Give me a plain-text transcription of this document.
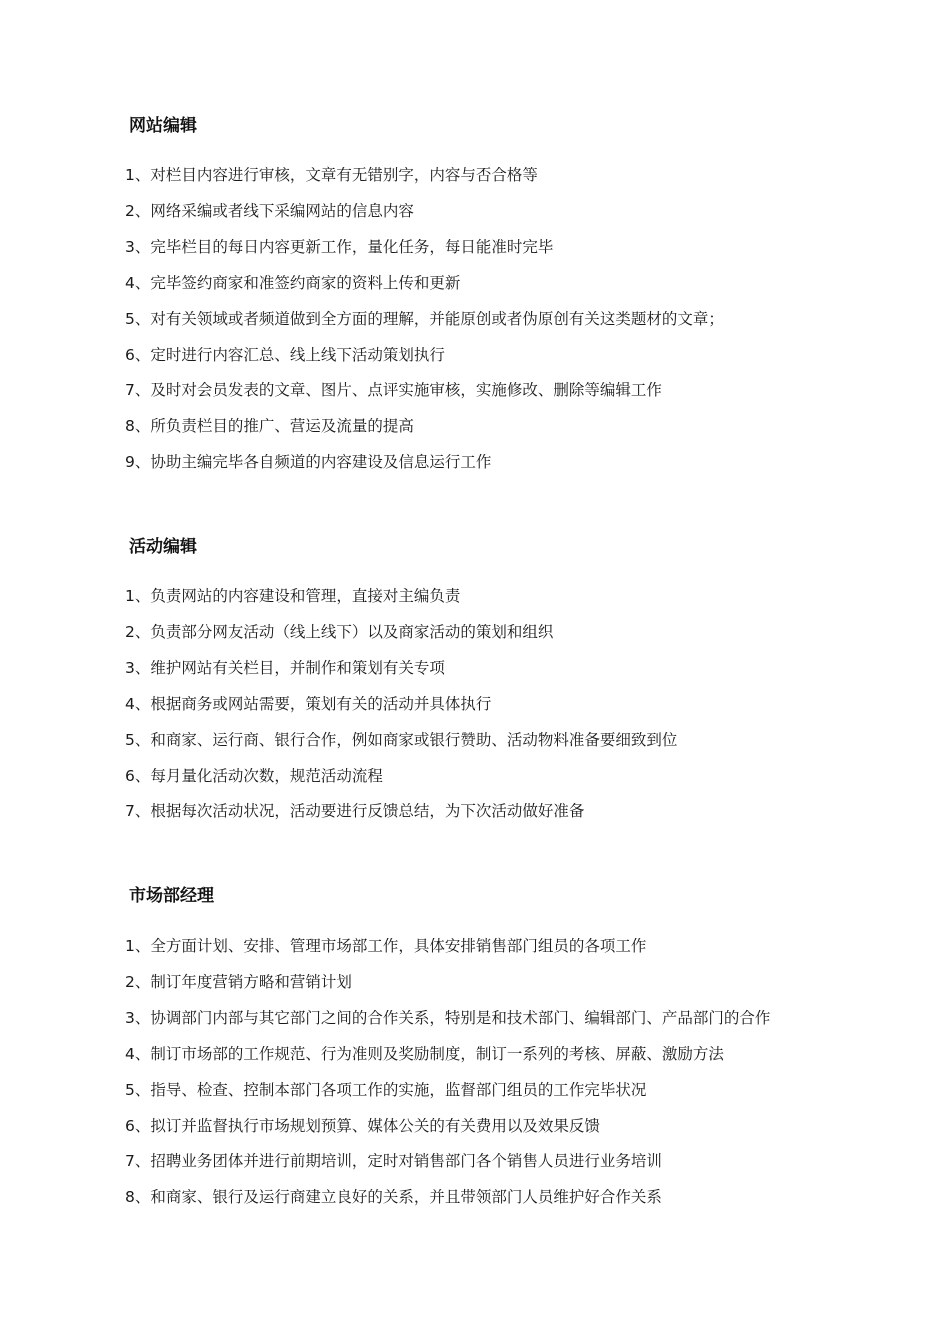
网站编辑
1、对栏目内容进行审核，文章有无错别字，内容与否合格等
2、网络采编或者线下采编网站的信息内容
3、完毕栏目的每日内容更新工作，量化任务，每日能准时完毕
4、完毕签约商家和准签约商家的资料上传和更新
5、对有关领域或者频道做到全方面的理解，并能原创或者伪原创有关这类题材的文章；
6、定时进行内容汇总、线上线下活动策划执行
7、及时对会员发表的文章、图片、点评实施审核，实施修改、删除等编辑工作
8、所负责栏目的推广、营运及流量的提高
9、协助主编完毕各自频道的内容建设及信息运行工作
活动编辑
1、负责网站的内容建设和管理，直接对主编负责
2、负责部分网友活动（线上线下）以及商家活动的策划和组织
3、维护网站有关栏目，并制作和策划有关专项
4、根据商务或网站需要，策划有关的活动并具体执行
5、和商家、运行商、银行合作，例如商家或银行赞助、活动物料准备要细致到位
6、每月量化活动次数，规范活动流程
7、根据每次活动状况，活动要进行反馈总结，为下次活动做好准备
市场部经理
1、全方面计划、安排、管理市场部工作，具体安排销售部门组员的各项工作
2、制订年度营销方略和营销计划
3、协调部门内部与其它部门之间的合作关系，特别是和技术部门、编辑部门、产品部门的合作
4、制订市场部的工作规范、行为准则及奖励制度，制订一系列的考核、屏蔽、激励方法
5、指导、检查、控制本部门各项工作的实施，监督部门组员的工作完毕状况
6、拟订并监督执行市场规划预算、媒体公关的有关费用以及效果反馈
7、招聘业务团体并进行前期培训，定时对销售部门各个销售人员进行业务培训
8、和商家、银行及运行商建立良好的关系，并且带领部门人员维护好合作关系
